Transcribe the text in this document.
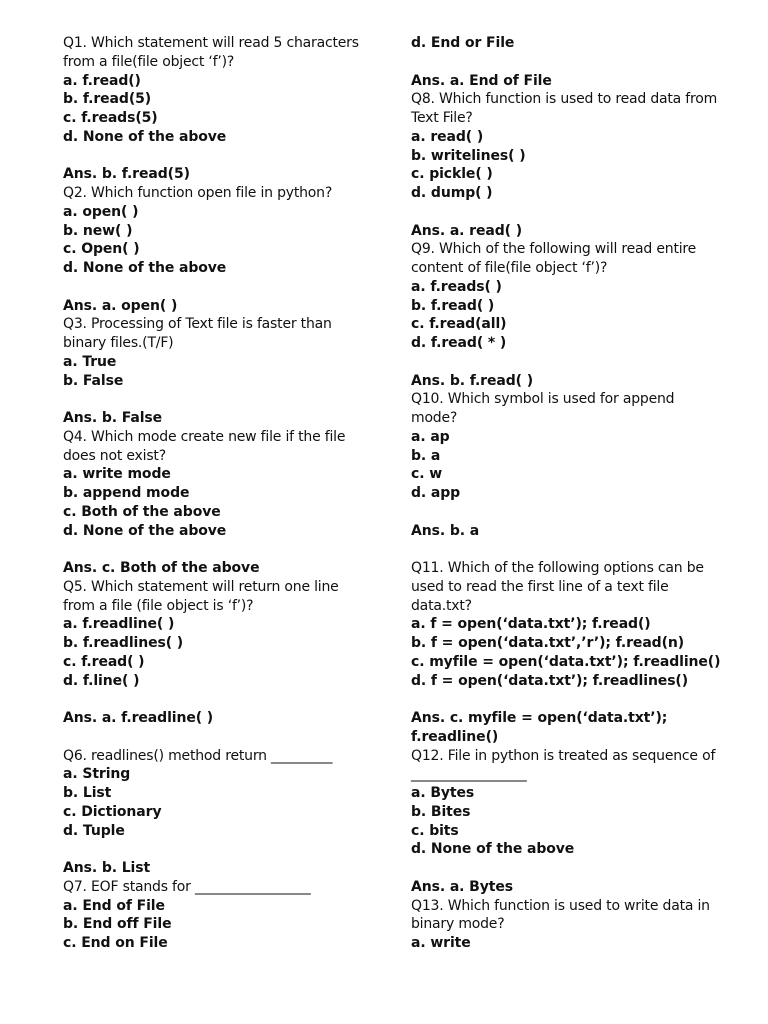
Q1. Which statement will read 5 characters
from a file(file object ‘f’)?
a. f.read()
b. f.read(5)
c. f.reads(5)
d. None of the above
Ans. b. f.read(5)
Q2. Which function open file in python?
a. open( )
b. new( )
c. Open( )
d. None of the above
Ans. a. open( )
Q3. Processing of Text file is faster than
binary files.(T/F)
a. True
b. False
Ans. b. False
Q4. Which mode create new file if the file
does not exist?
a. write mode
b. append mode
c. Both of the above
d. None of the above
Ans. c. Both of the above
Q5. Which statement will return one line
from a file (file object is ‘f’)?
a. f.readline( )
b. f.readlines( )
c. f.read( )
d. f.line( )
Ans. a. f.readline( )
Q6. readlines() method return _________
a. String
b. List
c. Dictionary
d. Tuple
Ans. b. List
Q7. EOF stands for _________________
a. End of File
b. End off File
c. End on File
d. End or File
Ans. a. End of File
Q8. Which function is used to read data from
Text File?
a. read( )
b. writelines( )
c. pickle( )
d. dump( )
Ans. a. read( )
Q9. Which of the following will read entire
content of file(file object ‘f’)?
a. f.reads( )
b. f.read( )
c. f.read(all)
d. f.read( * )
Ans. b. f.read( )
Q10. Which symbol is used for append
mode?
a. ap
b. a
c. w
d. app
Ans. b. a
Q11. Which of the following options can be
used to read the first line of a text file
data.txt?
a. f = open(‘data.txt’); f.read()
b. f = open(‘data.txt’,’r’); f.read(n)
c. myfile = open(‘data.txt’); f.readline()
d. f = open(‘data.txt’); f.readlines()
Ans. c. myfile = open(‘data.txt’);
f.readline()
Q12. File in python is treated as sequence of
_________________
a. Bytes
b. Bites
c. bits
d. None of the above
Ans. a. Bytes
Q13. Which function is used to write data in
binary mode?
a. write
